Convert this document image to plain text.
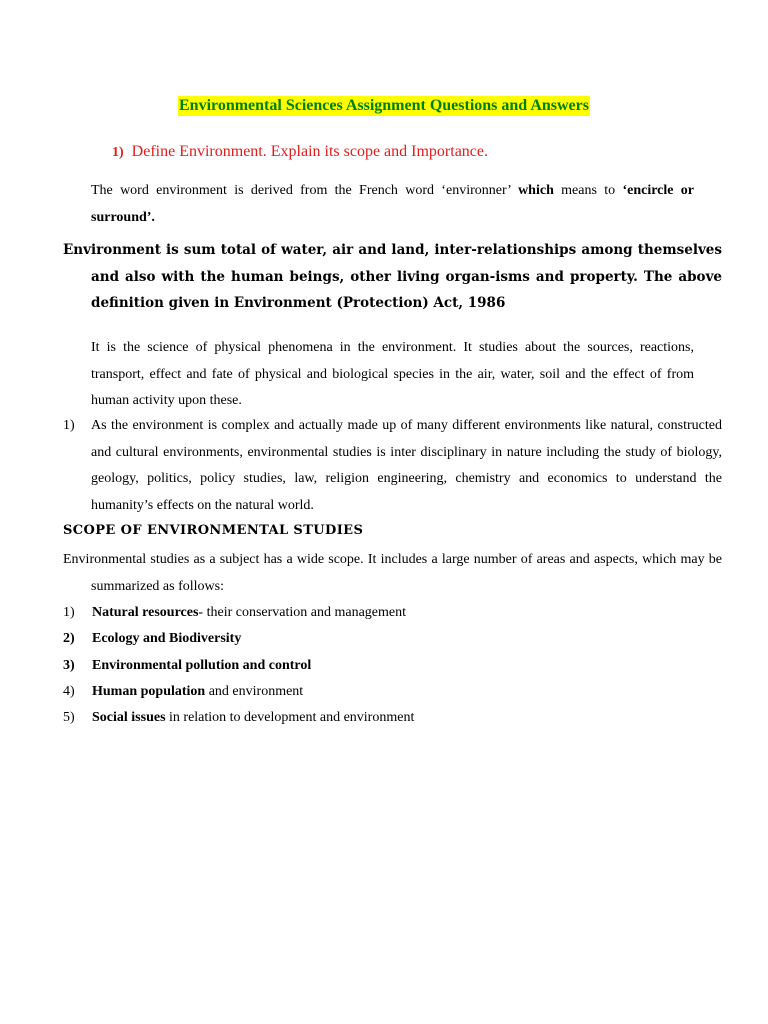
Environmental Sciences Assignment Questions and Answers
1) Define Environment. Explain its scope and Importance.
The word environment is derived from the French word ‘environner’ which means to ‘encircle or surround’.
Environment is sum total of water, air and land, inter-relationships among themselves and also with the human beings, other living organ-isms and property. The above definition given in Environment (Protection) Act, 1986
It is the science of physical phenomena in the environment. It studies about the sources, reactions, transport, effect and fate of physical and biological species in the air, water, soil and the effect of from human activity upon these.
1) As the environment is complex and actually made up of many different environments like natural, constructed and cultural environments, environmental studies is inter disciplinary in nature including the study of biology, geology, politics, policy studies, law, religion engineering, chemistry and economics to understand the humanity’s effects on the natural world.
SCOPE OF ENVIRONMENTAL STUDIES
Environmental studies as a subject has a wide scope. It includes a large number of areas and aspects, which may be summarized as follows:
1) Natural resources- their conservation and management
2) Ecology and Biodiversity
3) Environmental pollution and control
4) Human population and environment
5) Social issues in relation to development and environment
